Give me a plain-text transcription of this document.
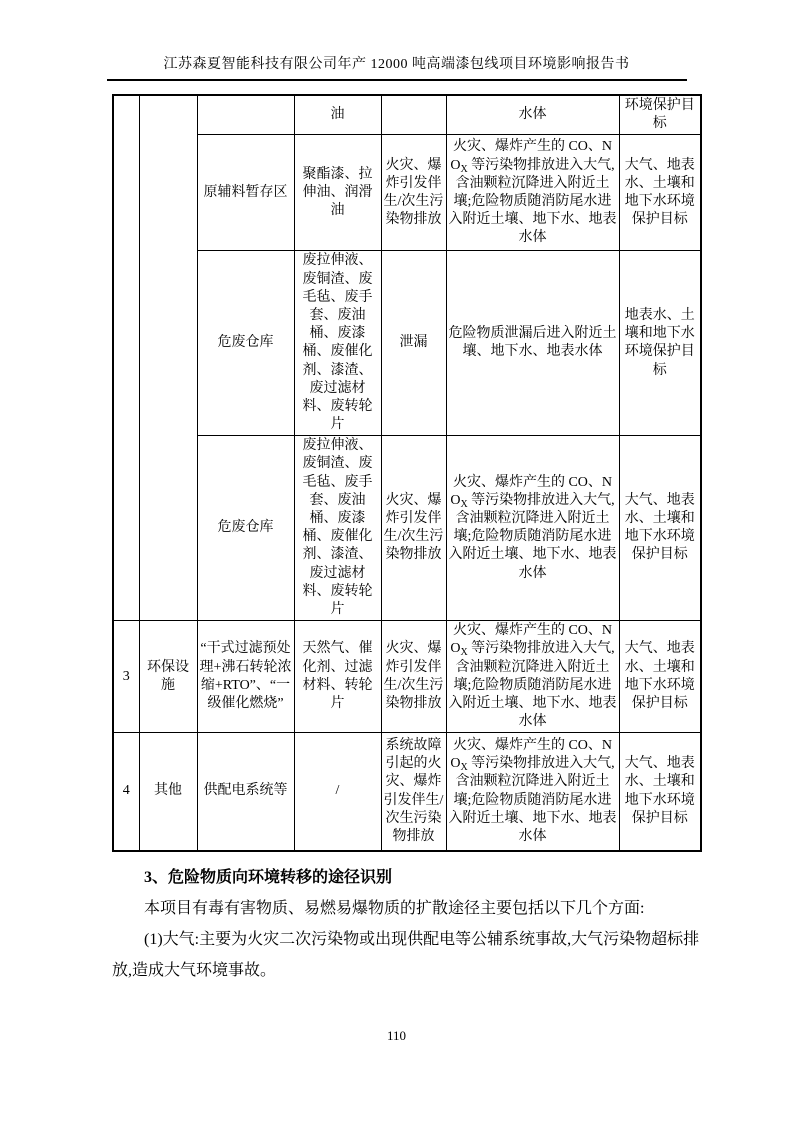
江苏森夏智能科技有限公司年产 12000 吨高端漆包线项目环境影响报告书
			油		水体	环境保护目标
		原辅料暂存区	聚酯漆、拉伸油、润滑油	火灾、爆炸引发伴生/次生污染物排放	火灾、爆炸产生的 CO、$NO_X$ 等污染物排放进入大气,含油颗粒沉降进入附近土壤;危险物质随消防尾水进入附近土壤、地下水、地表水体	大气、地表水、土壤和地下水环境保护目标
		危废仓库	废拉伸液、废铜渣、废毛毡、废手套、废油桶、废漆桶、废催化剂、漆渣、废过滤材料、废转轮片	泄漏	危险物质泄漏后进入附近土壤、地下水、地表水体	地表水、土壤和地下水环境保护目标
		危废仓库	废拉伸液、废铜渣、废毛毡、废手套、废油桶、废漆桶、废催化剂、漆渣、废过滤材料、废转轮片	火灾、爆炸引发伴生/次生污染物排放	火灾、爆炸产生的 CO、$NO_X$ 等污染物排放进入大气,含油颗粒沉降进入附近土壤;危险物质随消防尾水进入附近土壤、地下水、地表水体	大气、地表水、土壤和地下水环境保护目标
3	环保设施	“干式过滤预处理+沸石转轮浓缩+RTO”、“一级催化燃烧”	天然气、催化剂、过滤材料、转轮片	火灾、爆炸引发伴生/次生污染物排放	火灾、爆炸产生的 CO、$NO_X$ 等污染物排放进入大气,含油颗粒沉降进入附近土壤;危险物质随消防尾水进入附近土壤、地下水、地表水体	大气、地表水、土壤和地下水环境保护目标
4	其他	供配电系统等	/	系统故障引起的火灾、爆炸引发伴生/次生污染物排放	火灾、爆炸产生的 CO、$NO_X$ 等污染物排放进入大气,含油颗粒沉降进入附近土壤;危险物质随消防尾水进入附近土壤、地下水、地表水体	大气、地表水、土壤和地下水环境保护目标

3、危险物质向环境转移的途径识别

本项目有毒有害物质、易燃易爆物质的扩散途径主要包括以下几个方面:

(1)大气:主要为火灾二次污染物或出现供配电等公辅系统事故,大气污染物超标排放,造成大气环境事故。

110
